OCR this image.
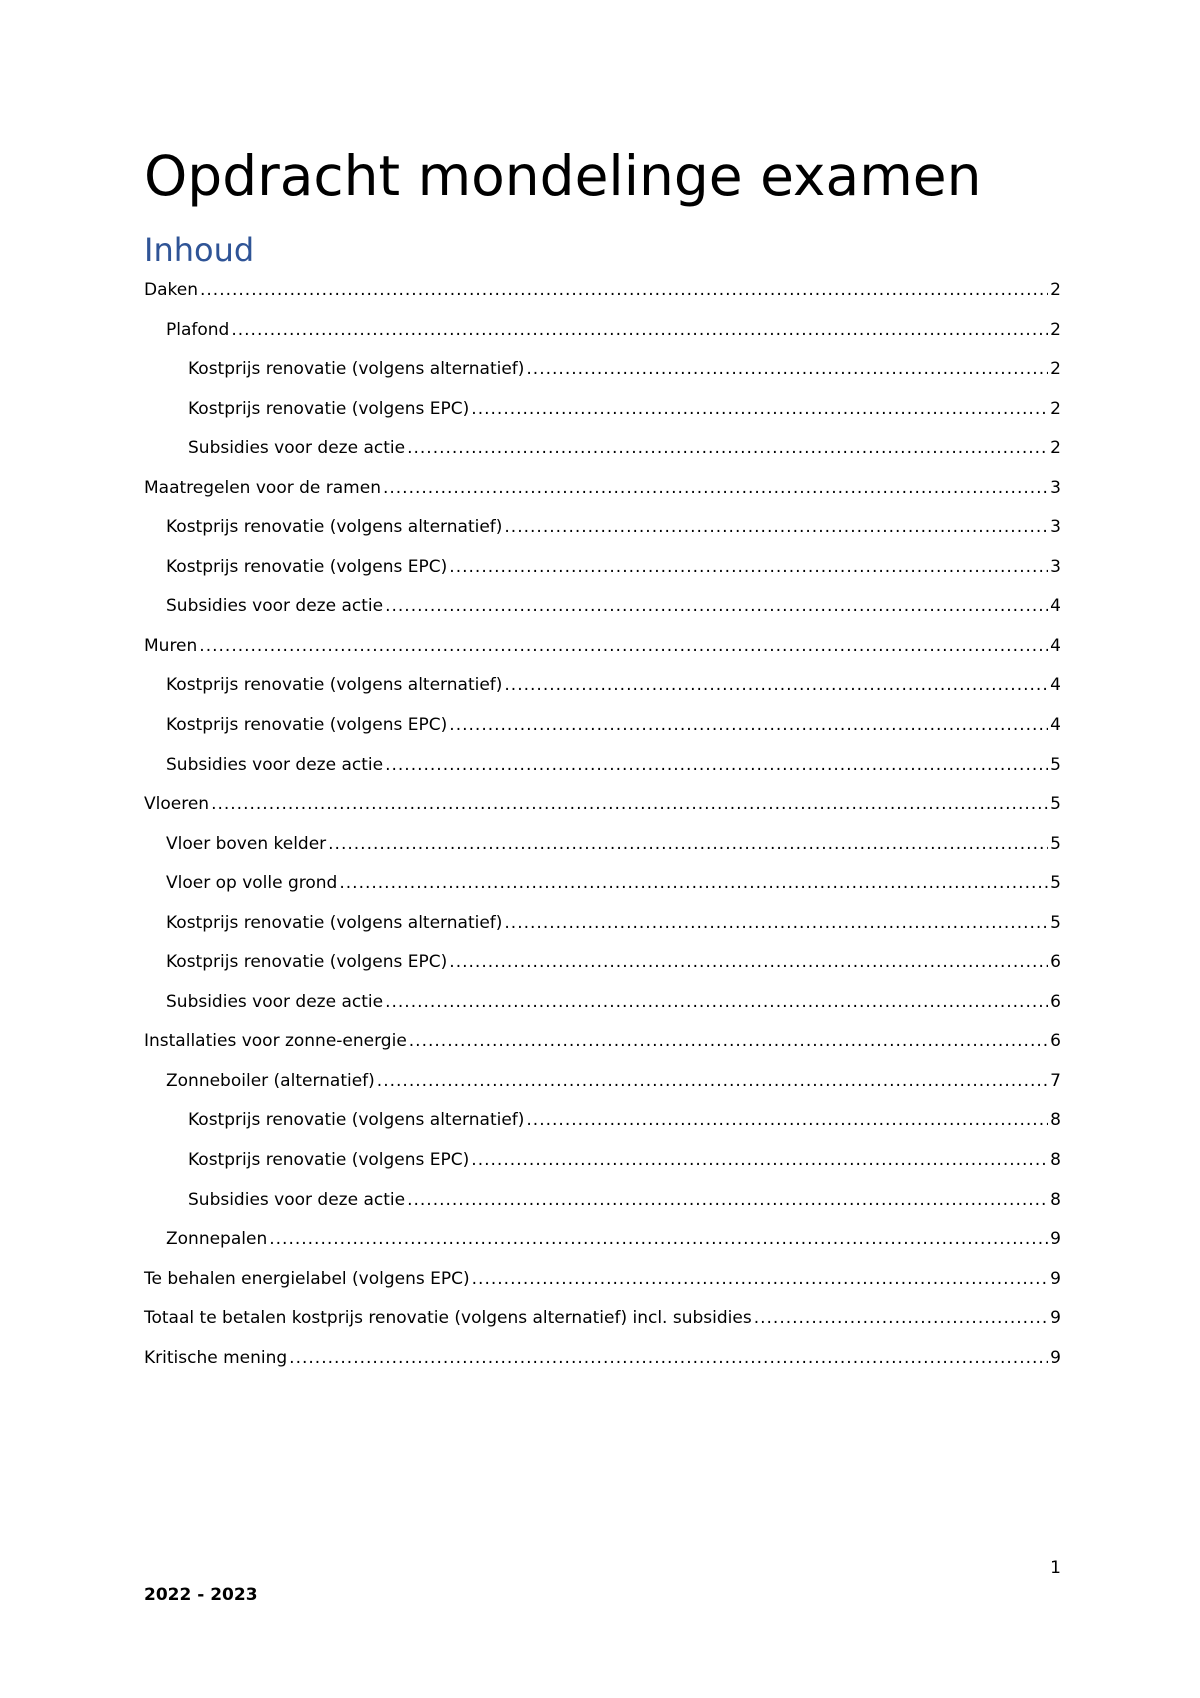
Opdracht mondelinge examen
Inhoud
Daken .....	2
Plafond .....	2
Kostprijs renovatie (volgens alternatief) .....	2
Kostprijs renovatie (volgens EPC) .....	2
Subsidies voor deze actie .....	2
Maatregelen voor de ramen .....	3
Kostprijs renovatie (volgens alternatief) .....	3
Kostprijs renovatie (volgens EPC) .....	3
Subsidies voor deze actie .....	4
Muren .....	4
Kostprijs renovatie (volgens alternatief) .....	4
Kostprijs renovatie (volgens EPC) .....	4
Subsidies voor deze actie .....	5
Vloeren .....	5
Vloer boven kelder .....	5
Vloer op volle grond .....	5
Kostprijs renovatie (volgens alternatief) .....	5
Kostprijs renovatie (volgens EPC) .....	6
Subsidies voor deze actie .....	6
Installaties voor zonne-energie .....	6
Zonneboiler (alternatief) .....	7
Kostprijs renovatie (volgens alternatief) .....	8
Kostprijs renovatie (volgens EPC) .....	8
Subsidies voor deze actie .....	8
Zonnepalen .....	9
Te behalen energielabel (volgens EPC) .....	9
Totaal te betalen kostprijs renovatie (volgens alternatief) incl. subsidies .....	9
Kritische mening .....	9

1

2022 - 2023
